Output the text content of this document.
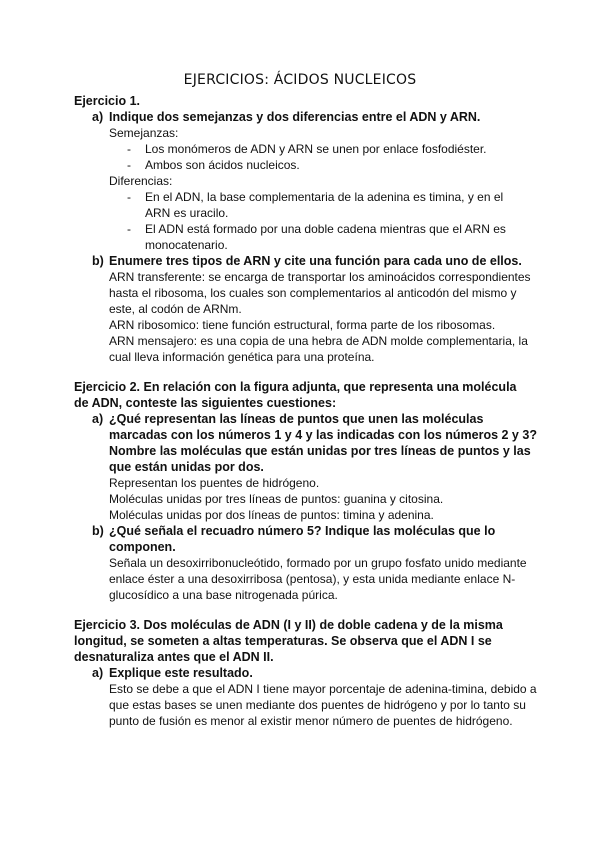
EJERCICIOS: ÁCIDOS NUCLEICOS
Ejercicio 1.
a) Indique dos semejanzas y dos diferencias entre el ADN y ARN.
Semejanzas:
- Los monómeros de ADN y ARN se unen por enlace fosfodiéster.
- Ambos son ácidos nucleicos.
Diferencias:
- En el ADN, la base complementaria de la adenina es timina, y en el ARN es uracilo.
- El ADN está formado por una doble cadena mientras que el ARN es monocatenario.
b) Enumere tres tipos de ARN y cite una función para cada uno de ellos.
ARN transferente: se encarga de transportar los aminoácidos correspondientes hasta el ribosoma, los cuales son complementarios al anticodón del mismo y este, al codón de ARNm.
ARN ribosomico: tiene función estructural, forma parte de los ribosomas.
ARN mensajero: es una copia de una hebra de ADN molde complementaria, la cual lleva información genética para una proteína.
Ejercicio 2. En relación con la figura adjunta, que representa una molécula de ADN, conteste las siguientes cuestiones:
a) ¿Qué representan las líneas de puntos que unen las moléculas marcadas con los números 1 y 4 y las indicadas con los números 2 y 3? Nombre las moléculas que están unidas por tres líneas de puntos y las que están unidas por dos.
Representan los puentes de hidrógeno.
Moléculas unidas por tres líneas de puntos: guanina y citosina.
Moléculas unidas por dos líneas de puntos: timina y adenina.
b) ¿Qué señala el recuadro número 5? Indique las moléculas que lo componen.
Señala un desoxirribonucleótido, formado por un grupo fosfato unido mediante enlace éster a una desoxirribosa (pentosa), y esta unida mediante enlace N-glucosídico a una base nitrogenada púrica.
Ejercicio 3. Dos moléculas de ADN (I y II) de doble cadena y de la misma longitud, se someten a altas temperaturas. Se observa que el ADN I se desnaturaliza antes que el ADN II.
a) Explique este resultado.
Esto se debe a que el ADN I tiene mayor porcentaje de adenina-timina, debido a que estas bases se unen mediante dos puentes de hidrógeno y por lo tanto su punto de fusión es menor al existir menor número de puentes de hidrógeno.
